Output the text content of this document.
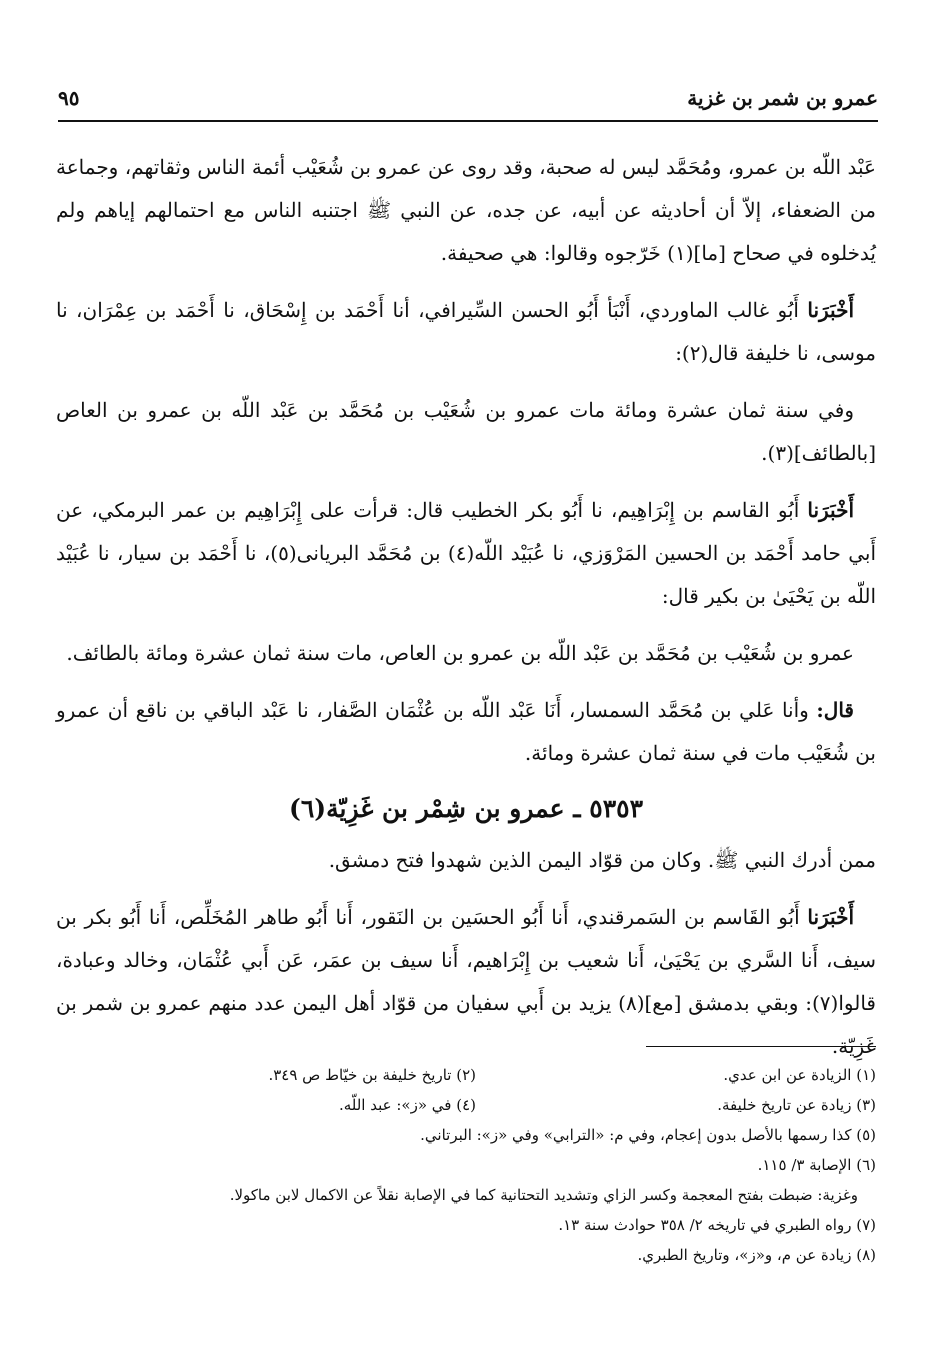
عمرو بن شمر بن غزية
٩٥

عَبْد اللّه بن عمرو، ومُحَمَّد ليس له صحبة، وقد روى عن عمرو بن شُعَيْب أئمة الناس وثقاتهم، وجماعة من الضعفاء، إلاّ أن أحاديثه عن أبيه، عن جده، عن النبي ﷺ اجتنبه الناس مع احتمالهم إياهم ولم يُدخلوه في صحاح [ما](١) خَرّجوه وقالوا: هي صحيفة.

أَخْبَرَنا أَبُو غالب الماوردي، أَنْبَأ أَبُو الحسن السِّيرافي، أنا أَحْمَد بن إِسْحَاق، نا أَحْمَد بن عِمْرَان، نا موسى، نا خليفة قال(٢):

وفي سنة ثمان عشرة ومائة مات عمرو بن شُعَيْب بن مُحَمَّد بن عَبْد اللّه بن عمرو بن العاص [بالطائف](٣).

أَخْبَرَنا أَبُو القاسم بن إِبْرَاهِيم، نا أَبُو بكر الخطيب قال: قرأت على إِبْرَاهِيم بن عمر البرمكي، عن أَبي حامد أَحْمَد بن الحسين المَرْوَزي، نا عُبَيْد اللّه(٤) بن مُحَمَّد البريانى(٥)، نا أَحْمَد بن سيار، نا عُبَيْد اللّه بن يَحْيَىٰ بن بكير قال:

عمرو بن شُعَيْب بن مُحَمَّد بن عَبْد اللّه بن عمرو بن العاص، مات سنة ثمان عشرة ومائة بالطائف.

قال: وأنا عَلي بن مُحَمَّد السمسار، أَنَا عَبْد اللّه بن عُثْمَان الصَّفار، نا عَبْد الباقي بن ناقع أن عمرو بن شُعَيْب مات في سنة ثمان عشرة ومائة.

٥٣٥٣ ـ عمرو بن شِمْر بن غَزِيّة(٦)

ممن أدرك النبي ﷺ. وكان من قوّاد اليمن الذين شهدوا فتح دمشق.

أَخْبَرَنا أَبُو القَاسم بن السَمرقندي، أَنا أَبُو الحسَين بن النَقور، أَنا أَبُو طاهر المُخَلِّص، أَنا أَبُو بكر بن سيف، أَنا السَّري بن يَحْيَىٰ، أَنا شعيب بن إِبْرَاهيم، أَنا سيف بن عمَر، عَن أَبي عُثْمَان، وخالد وعبادة، قالوا(٧): وبقي بدمشق [مع](٨) يزيد بن أَبي سفيان من قوّاد أهل اليمن عدد منهم عمرو بن شمر بن غَزِيّة.

(١) الزيادة عن ابن عدي.
(٢) تاريخ خليفة بن خيّاط ص ٣٤٩.
(٣) زيادة عن تاريخ خليفة.
(٤) في «ز»: عبد اللّه.
(٥) كذا رسمها بالأصل بدون إعجام، وفي م: «الترابي» وفي «ز»: البرتاني.
(٦) الإصابة ٣/ ١١٥.
وغزية: ضبطت بفتح المعجمة وكسر الزاي وتشديد التحتانية كما في الإصابة نقلاً عن الاكمال لابن ماكولا.
(٧) رواه الطبري في تاريخه ٢/ ٣٥٨ حوادث سنة ١٣.
(٨) زيادة عن م، و«ز»، وتاريخ الطبري.
